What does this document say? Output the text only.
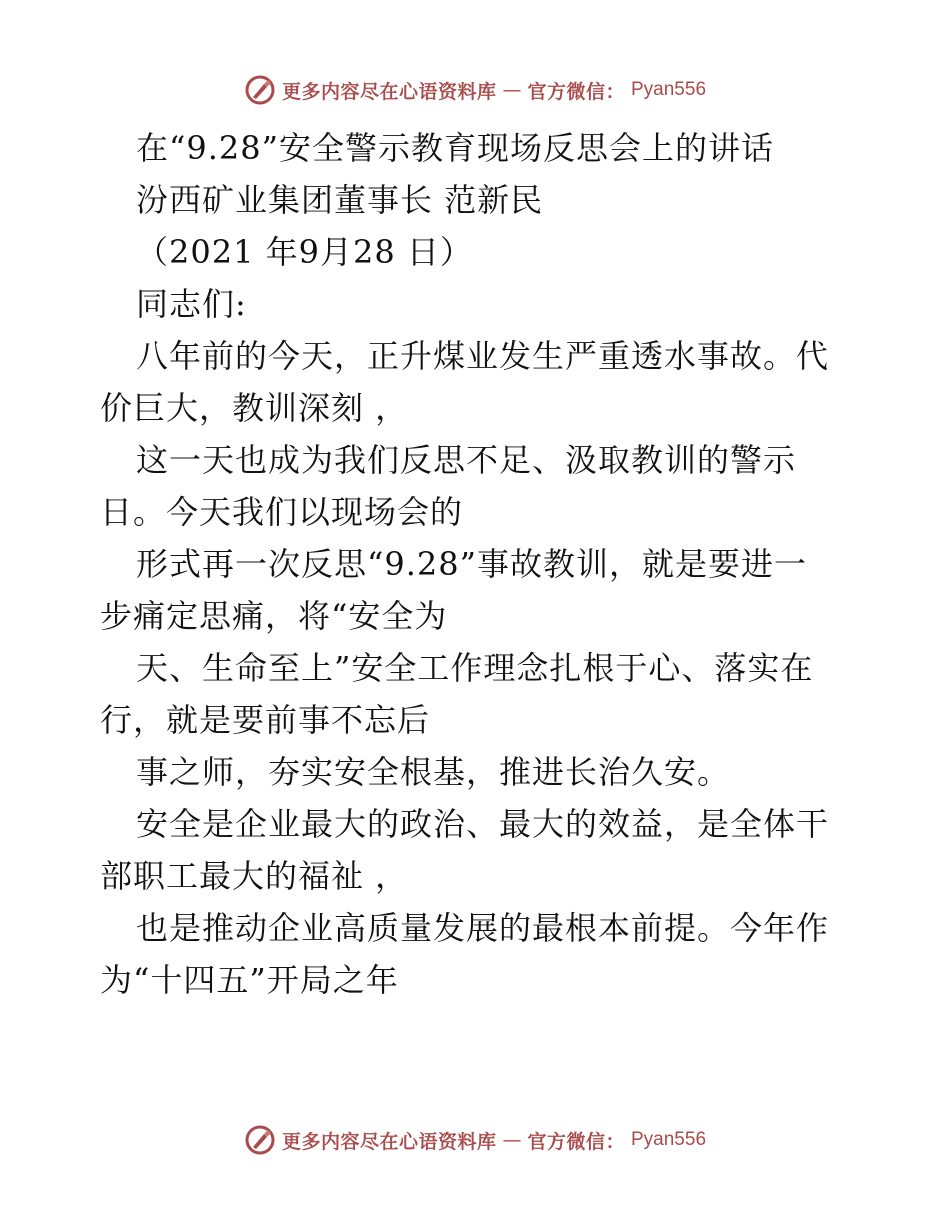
更多内容尽在心语资料库 — 官方微信： Pyan556
在“9.28”安全警示教育现场反思会上的讲话
汾西矿业集团董事长 范新民
（2021 年9月28 日）
同志们:
八年前的今天，正升煤业发生严重透水事故。代
价巨大，教训深刻 ，
这一天也成为我们反思不足、汲取教训的警示
日。今天我们以现场会的
形式再一次反思“9.28”事故教训，就是要进一
步痛定思痛，将“安全为
天、生命至上”安全工作理念扎根于心、落实在
行，就是要前事不忘后
事之师，夯实安全根基，推进长治久安。
安全是企业最大的政治、最大的效益，是全体干
部职工最大的福祉 ，
也是推动企业高质量发展的最根本前提。今年作
为“十四五”开局之年
更多内容尽在心语资料库 — 官方微信： Pyan556
